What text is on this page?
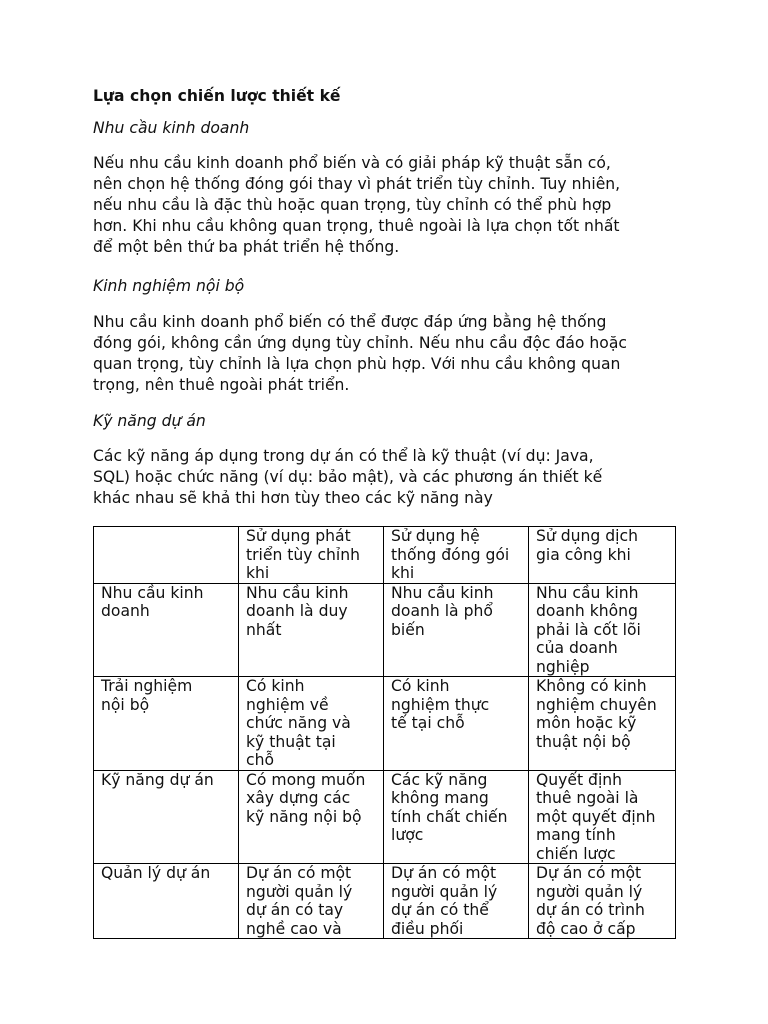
Lựa chọn chiến lược thiết kế

Nhu cầu kinh doanh

Nếu nhu cầu kinh doanh phổ biến và có giải pháp kỹ thuật sẵn có,
nên chọn hệ thống đóng gói thay vì phát triển tùy chỉnh. Tuy nhiên,
nếu nhu cầu là đặc thù hoặc quan trọng, tùy chỉnh có thể phù hợp
hơn. Khi nhu cầu không quan trọng, thuê ngoài là lựa chọn tốt nhất
để một bên thứ ba phát triển hệ thống.

Kinh nghiệm nội bộ

Nhu cầu kinh doanh phổ biến có thể được đáp ứng bằng hệ thống
đóng gói, không cần ứng dụng tùy chỉnh. Nếu nhu cầu độc đáo hoặc
quan trọng, tùy chỉnh là lựa chọn phù hợp. Với nhu cầu không quan
trọng, nên thuê ngoài phát triển.

Kỹ năng dự án

Các kỹ năng áp dụng trong dự án có thể là kỹ thuật (ví dụ: Java,
SQL) hoặc chức năng (ví dụ: bảo mật), và các phương án thiết kế
khác nhau sẽ khả thi hơn tùy theo các kỹ năng này

	Sử dụng phát
triển tùy chỉnh
khi	Sử dụng hệ
thống đóng gói
khi	Sử dụng dịch
gia công khi

Nhu cầu kinh
doanh	Nhu cầu kinh
doanh là duy
nhất	Nhu cầu kinh
doanh là phổ
biến	Nhu cầu kinh
doanh không
phải là cốt lõi
của doanh
nghiệp

Trải nghiệm
nội bộ	Có kinh
nghiệm về
chức năng và
kỹ thuật tại
chỗ	Có kinh
nghiệm thực
tế tại chỗ	Không có kinh
nghiệm chuyên
môn hoặc kỹ
thuật nội bộ

Kỹ năng dự án	Có mong muốn
xây dựng các
kỹ năng nội bộ	Các kỹ năng
không mang
tính chất chiến
lược	Quyết định
thuê ngoài là
một quyết định
mang tính
chiến lược

Quản lý dự án	Dự án có một
người quản lý
dự án có tay
nghề cao và	Dự án có một
người quản lý
dự án có thể
điều phối	Dự án có một
người quản lý
dự án có trình
độ cao ở cấp
